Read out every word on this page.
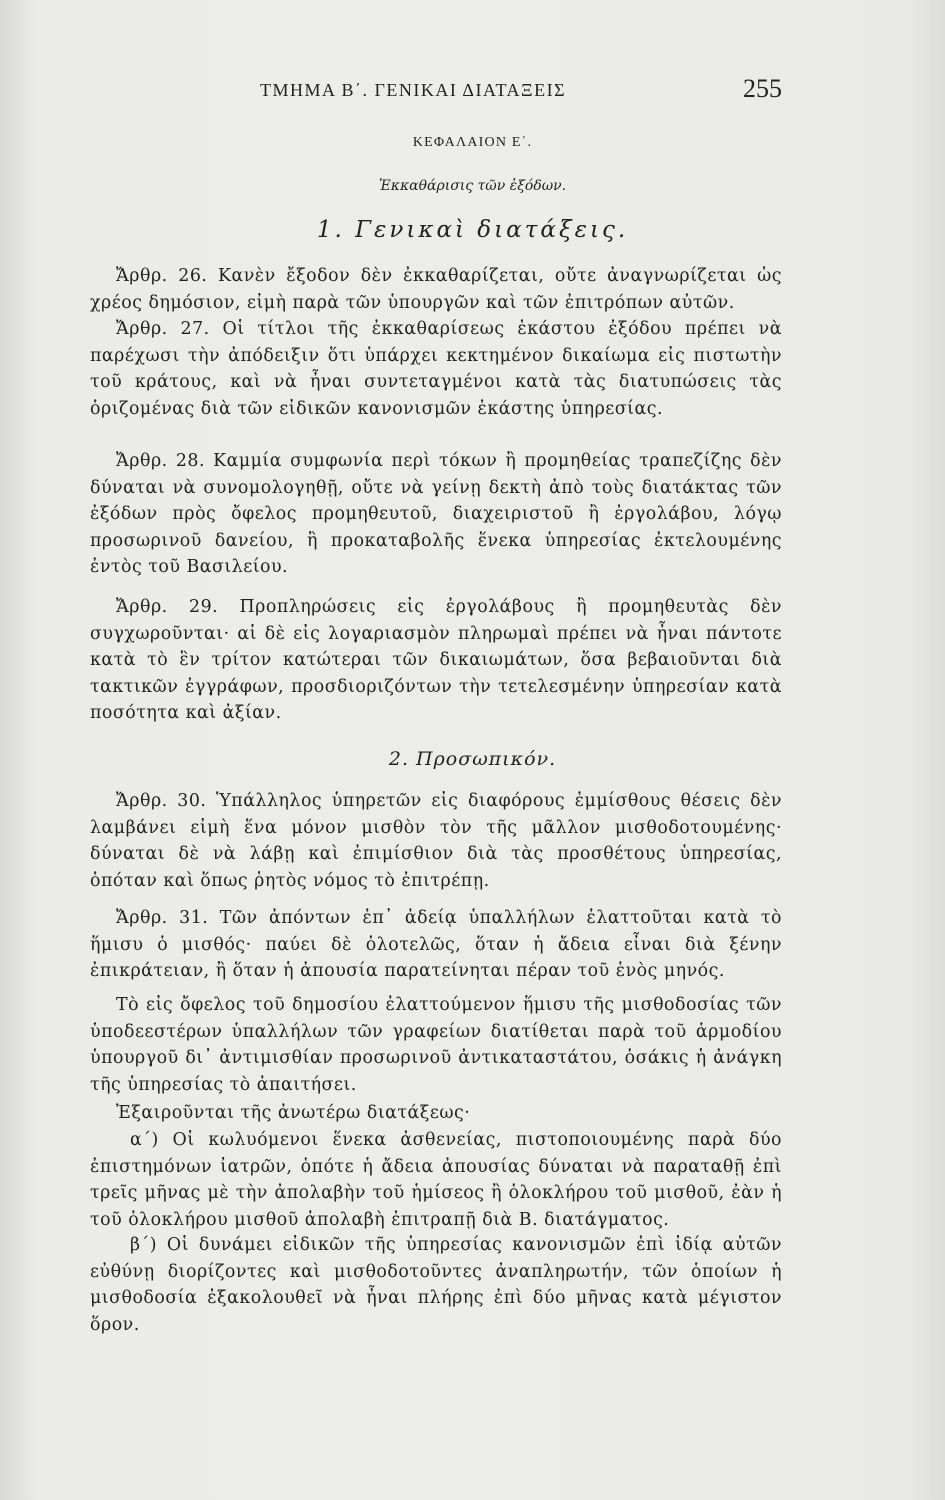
ΤΜΗΜΑ Β΄. ΓΕΝΙΚΑΙ ΔΙΑΤΑΞΕΙΣ	255
ΚΕΦΑΛΑΙΟΝ Ε΄.
Ἐκκαθάρισις τῶν ἐξόδων.
1. Γενικαὶ διατάξεις.

Ἄρθρ. 26. Κανὲν ἔξοδον δὲν ἐκκαθαρίζεται, οὔτε ἀναγνωρίζεται ὡς χρέος δημόσιον, εἰμὴ παρὰ τῶν ὑπουργῶν καὶ τῶν ἐπιτρόπων αὐτῶν.

Ἄρθρ. 27. Οἱ τίτλοι τῆς ἐκκαθαρίσεως ἑκάστου ἐξόδου πρέπει νὰ παρέχωσι τὴν ἀπόδειξιν ὅτι ὑπάρχει κεκτημένον δικαίωμα εἰς πιστωτὴν τοῦ κράτους, καὶ νὰ ἦναι συντεταγμένοι κατὰ τὰς διατυπώσεις τὰς ὁριζομένας διὰ τῶν εἰδικῶν κανονισμῶν ἑκάστης ὑπηρεσίας.

Ἄρθρ. 28. Καμμία συμφωνία περὶ τόκων ἢ προμηθείας τραπεζίζης δὲν δύναται νὰ συνομολογηθῇ, οὔτε νὰ γείνῃ δεκτὴ ἀπὸ τοὺς διατάκτας τῶν ἐξόδων πρὸς ὄφελος προμηθευτοῦ, διαχειριστοῦ ἢ ἐργολάβου, λόγῳ προσωρινοῦ δανείου, ἢ προκαταβολῆς ἕνεκα ὑπηρεσίας ἐκτελουμένης ἐντὸς τοῦ Βασιλείου.

Ἄρθρ. 29. Προπληρώσεις εἰς ἐργολάβους ἢ προμηθευτὰς δὲν συγχωροῦνται· αἱ δὲ εἰς λογαριασμὸν πληρωμαὶ πρέπει νὰ ἦναι πάντοτε κατὰ τὸ ἓν τρίτον κατώτεραι τῶν δικαιωμάτων, ὅσα βεβαιοῦνται διὰ τακτικῶν ἐγγράφων, προσδιοριζόντων τὴν τετελεσμένην ὑπηρεσίαν κατὰ ποσότητα καὶ ἀξίαν.

2. Προσωπικόν.

Ἄρθρ. 30. Ὑπάλληλος ὑπηρετῶν εἰς διαφόρους ἐμμίσθους θέσεις δὲν λαμβάνει εἰμὴ ἕνα μόνον μισθὸν τὸν τῆς μᾶλλον μισθοδοτουμένης· δύναται δὲ νὰ λάβῃ καὶ ἐπιμίσθιον διὰ τὰς προσθέτους ὑπηρεσίας, ὁπόταν καὶ ὅπως ῥητὸς νόμος τὸ ἐπιτρέπῃ.

Ἄρθρ. 31. Τῶν ἀπόντων ἐπ᾽ ἀδείᾳ ὑπαλλήλων ἐλαττοῦται κατὰ τὸ ἥμισυ ὁ μισθός· παύει δὲ ὁλοτελῶς, ὅταν ἡ ἄδεια εἶναι διὰ ξένην ἐπικράτειαν, ἢ ὅταν ἡ ἀπουσία παρατείνηται πέραν τοῦ ἑνὸς μηνός.

Τὸ εἰς ὄφελος τοῦ δημοσίου ἐλαττούμενον ἥμισυ τῆς μισθοδοσίας τῶν ὑποδεεστέρων ὑπαλλήλων τῶν γραφείων διατίθεται παρὰ τοῦ ἁρμοδίου ὑπουργοῦ δι᾽ ἀντιμισθίαν προσωρινοῦ ἀντικαταστάτου, ὁσάκις ἡ ἀνάγκη τῆς ὑπηρεσίας τὸ ἀπαιτήσει.

Ἐξαιροῦνται τῆς ἀνωτέρω διατάξεως·

α΄) Οἱ κωλυόμενοι ἕνεκα ἀσθενείας, πιστοποιουμένης παρὰ δύο ἐπιστημόνων ἰατρῶν, ὁπότε ἡ ἄδεια ἀπουσίας δύναται νὰ παραταθῇ ἐπὶ τρεῖς μῆνας μὲ τὴν ἀπολαβὴν τοῦ ἡμίσεος ἢ ὁλοκλήρου τοῦ μισθοῦ, ἐὰν ἡ τοῦ ὁλοκλήρου μισθοῦ ἀπολαβὴ ἐπιτραπῇ διὰ Β. διατάγματος.

β΄) Οἱ δυνάμει εἰδικῶν τῆς ὑπηρεσίας κανονισμῶν ἐπὶ ἰδίᾳ αὐτῶν εὐθύνῃ διορίζοντες καὶ μισθοδοτοῦντες ἀναπληρωτήν, τῶν ὁποίων ἡ μισθοδοσία ἐξακολουθεῖ νὰ ἦναι πλήρης ἐπὶ δύο μῆνας κατὰ μέγιστον ὅρον.
